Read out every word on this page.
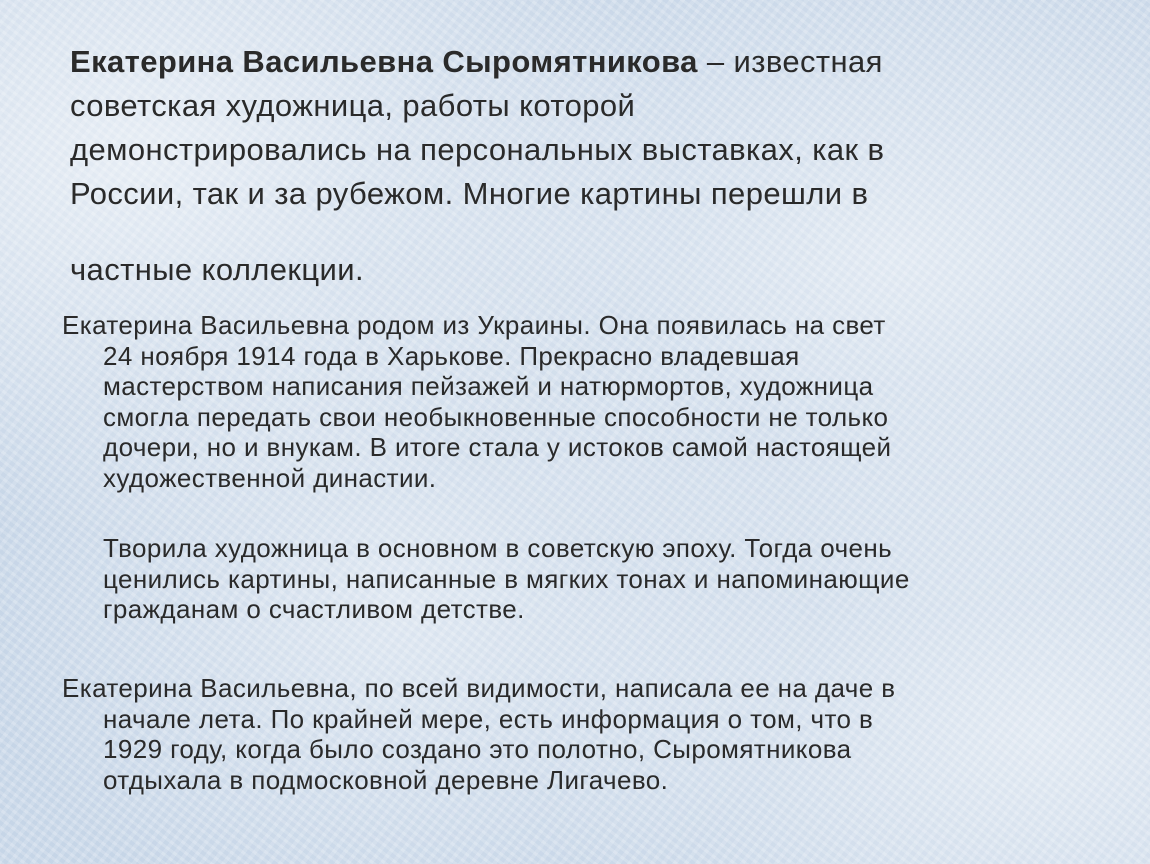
Екатерина Васильевна Сыромятникова – известная
советская художница, работы которой
демонстрировались на персональных выставках, как в
России, так и за рубежом. Многие картины перешли в
частные коллекции.

Екатерина Васильевна родом из Украины. Она появилась на свет
24 ноября 1914 года в Харькове. Прекрасно владевшая
мастерством написания пейзажей и натюрмортов, художница
смогла передать свои необыкновенные способности не только
дочери, но и внукам. В итоге стала у истоков самой настоящей
художественной династии.

Творила художница в основном в советскую эпоху. Тогда очень
ценились картины, написанные в мягких тонах и напоминающие
гражданам о счастливом детстве.

Екатерина Васильевна, по всей видимости, написала ее на даче в
начале лета. По крайней мере, есть информация о том, что в
1929 году, когда было создано это полотно, Сыромятникова
отдыхала в подмосковной деревне Лигачево.
